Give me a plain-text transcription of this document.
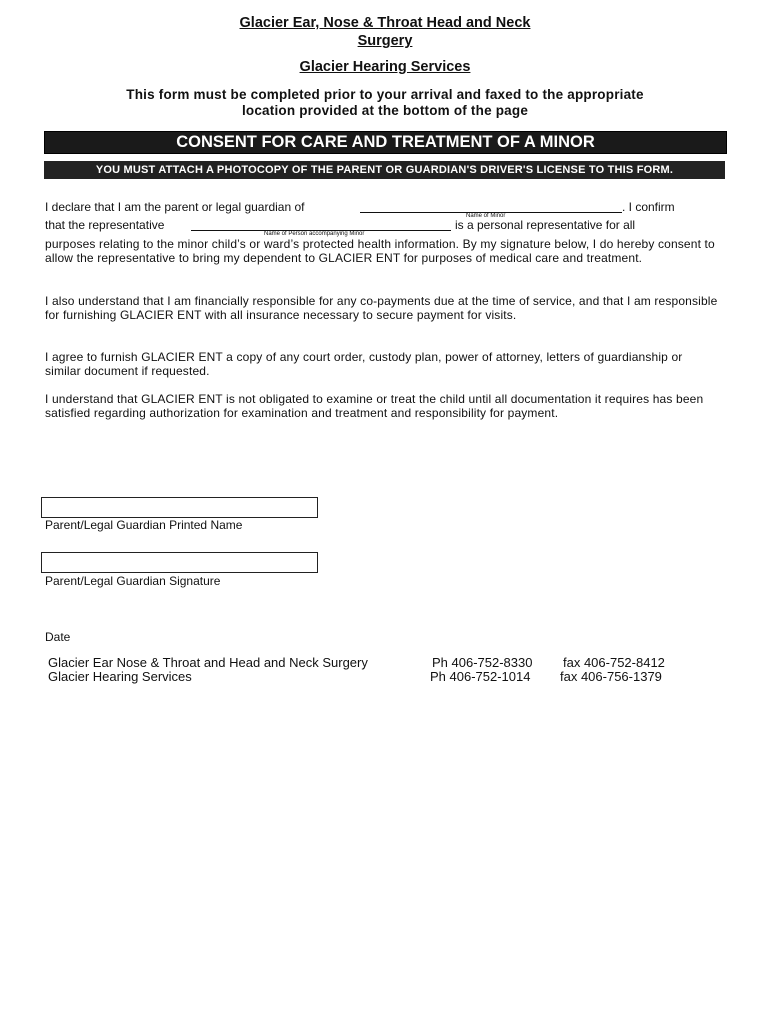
Glacier Ear, Nose & Throat Head and Neck
Surgery
Glacier Hearing Services
This form must be completed prior to your arrival and faxed to the appropriate
location provided at the bottom of the page
CONSENT FOR CARE AND TREATMENT OF A MINOR
YOU MUST ATTACH A PHOTOCOPY OF THE PARENT OR GUARDIAN'S DRIVER'S LICENSE TO THIS FORM.
I declare that I am the parent or legal guardian of	. I confirm
Name of Minor
that the representative	is a personal representative for all
Name of Person accompanying Minor
purposes relating to the minor child’s or ward’s protected health information. By my signature below, I do hereby consent to allow the representative to bring my dependent to GLACIER ENT for purposes of medical care and treatment.
I also understand that I am financially responsible for any co-payments due at the time of service, and that I am responsible for furnishing GLACIER ENT with all insurance necessary to secure payment for visits.
I agree to furnish GLACIER ENT a copy of any court order, custody plan, power of attorney, letters of guardianship or similar document if requested.
I understand that GLACIER ENT is not obligated to examine or treat the child until all documentation it requires has been satisfied regarding authorization for examination and treatment and responsibility for payment.
Parent/Legal Guardian Printed Name
Parent/Legal Guardian Signature
Date
Glacier Ear Nose & Throat and Head and Neck Surgery	Ph 406-752-8330 fax 406-752-8412
Glacier Hearing Services	Ph 406-752-1014 fax 406-756-1379
